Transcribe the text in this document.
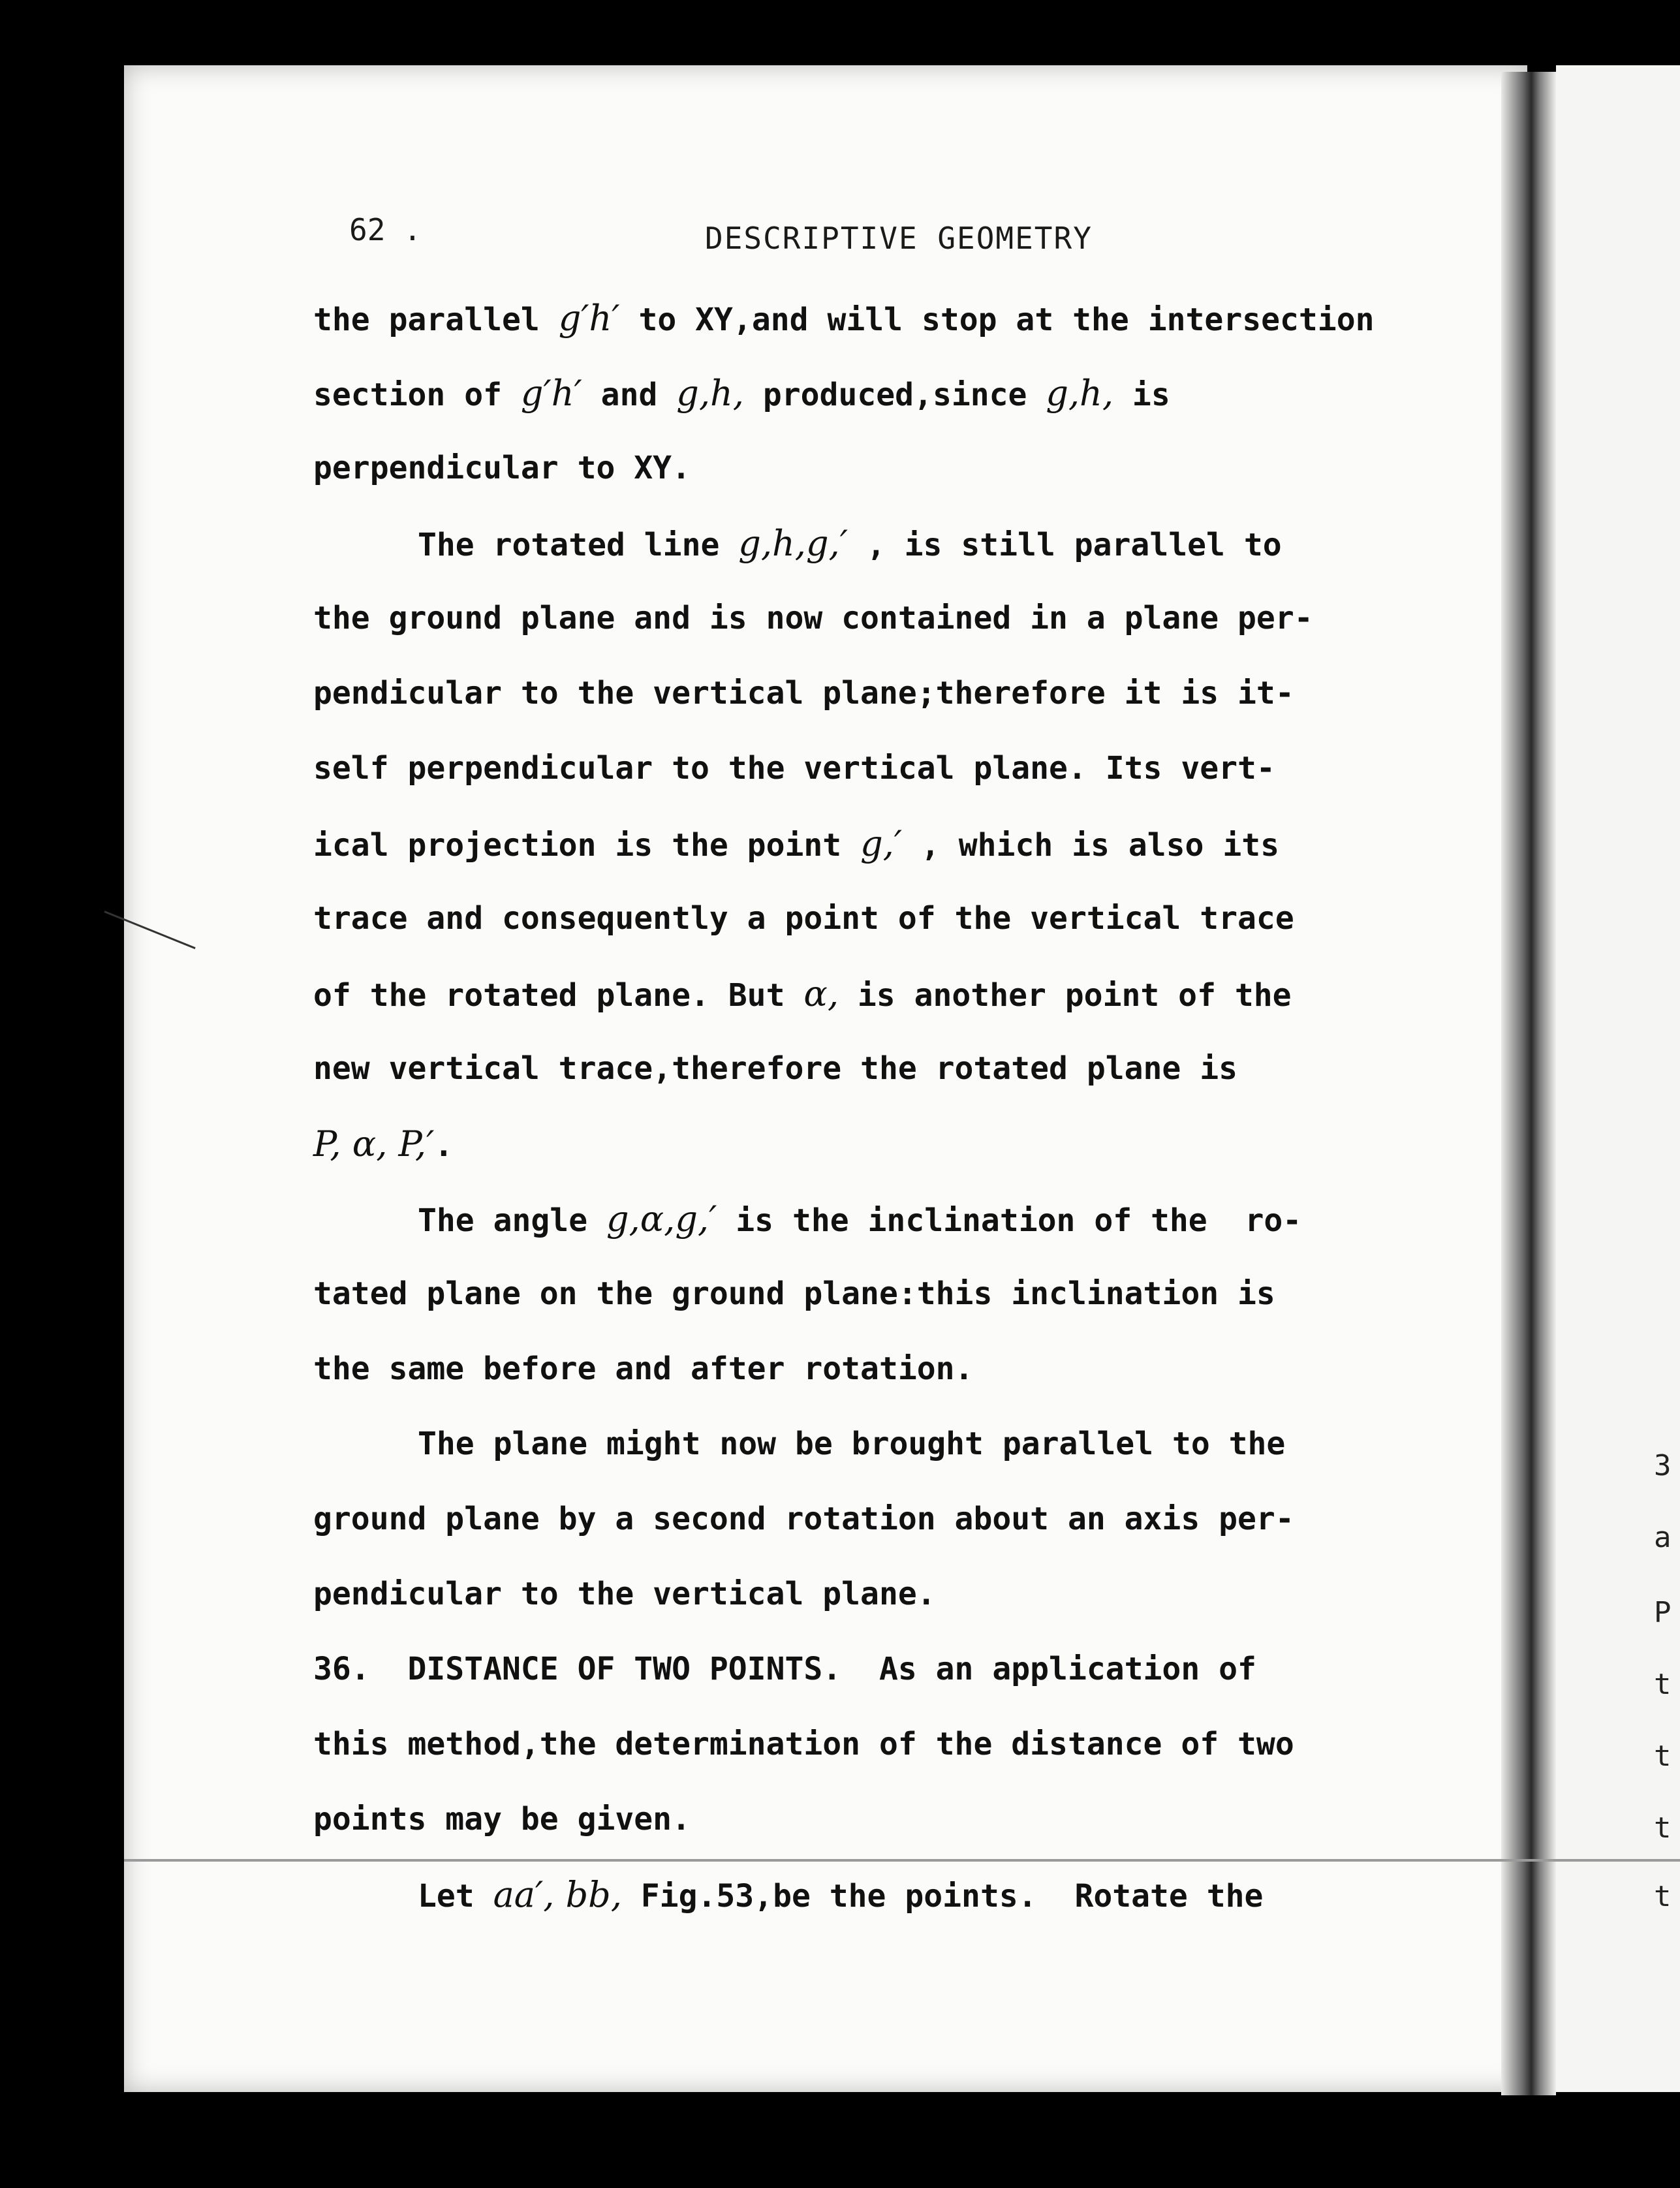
3
a
P
t
t
t
t
62 .	DESCRIPTIVE GEOMETRY
the parallel g′h′ to XY,and will stop at the intersection
section of g′h′ and g,h, produced,since g,h, is
perpendicular to XY.
The rotated line g,h,g,′ , is still parallel to
the ground plane and is now contained in a plane per-
pendicular to the vertical plane;therefore it is it-
self perpendicular to the vertical plane. Its vert-
ical projection is the point g,′ , which is also its
trace and consequently a point of the vertical trace
of the rotated plane. But α, is another point of the
new vertical trace,therefore the rotated plane is
P, α, P,′.
The angle g,α,g,′ is the inclination of the  ro-
tated plane on the ground plane:this inclination is
the same before and after rotation.
The plane might now be brought parallel to the
ground plane by a second rotation about an axis per-
pendicular to the vertical plane.
36.  DISTANCE OF TWO POINTS.  As an application of
this method,the determination of the distance of two
points may be given.
Let aa′, bb, Fig.53,be the points.  Rotate the
